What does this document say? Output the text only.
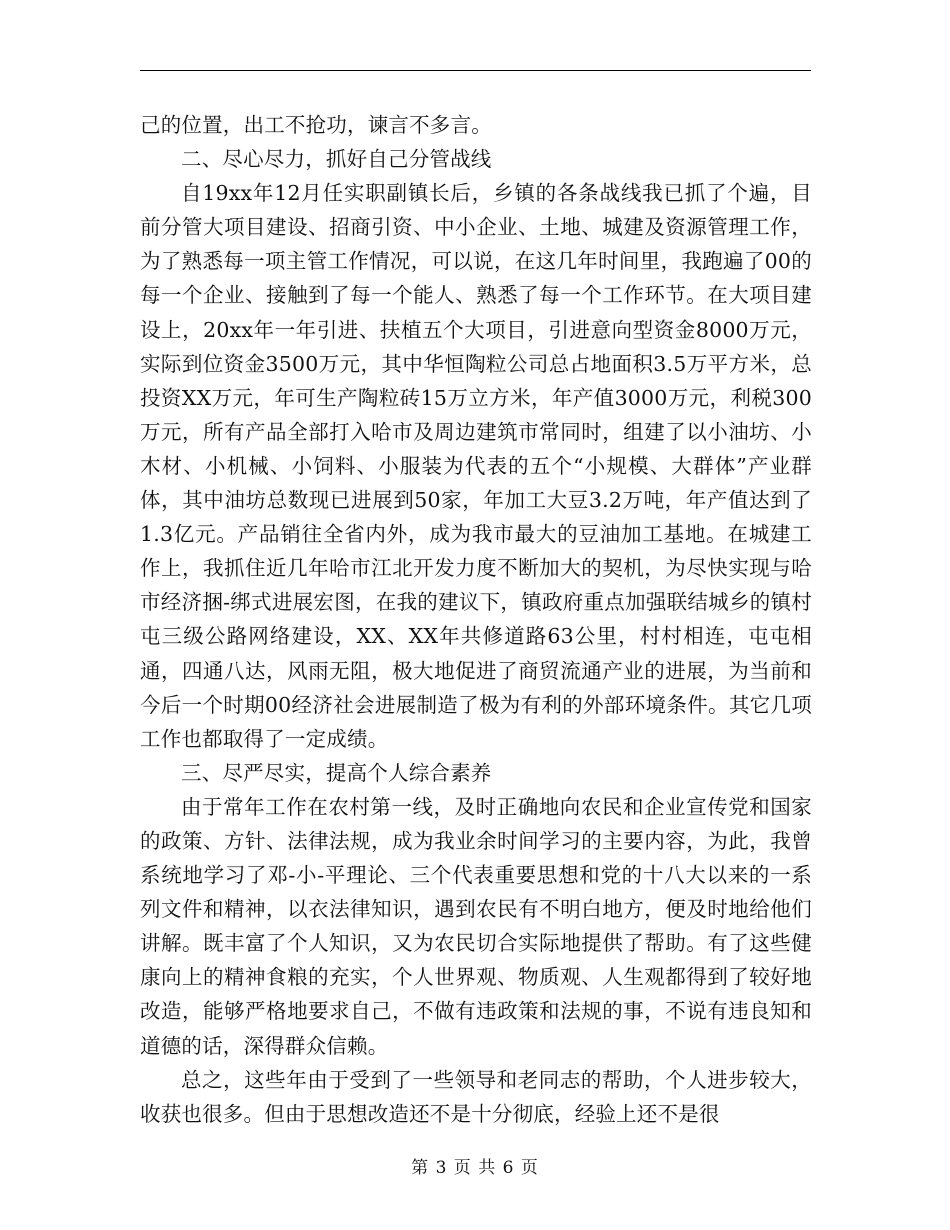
己的位置，出工不抢功，谏言不多言。

二、尽心尽力，抓好自己分管战线

自19xx年12月任实职副镇长后，乡镇的各条战线我已抓了个遍，目前分管大项目建设、招商引资、中小企业、土地、城建及资源管理工作，为了熟悉每一项主管工作情况，可以说，在这几年时间里，我跑遍了00的每一个企业、接触到了每一个能人、熟悉了每一个工作环节。在大项目建设上，20xx年一年引进、扶植五个大项目，引进意向型资金8000万元，实际到位资金3500万元，其中华恒陶粒公司总占地面积3.5万平方米，总投资XX万元，年可生产陶粒砖15万立方米，年产值3000万元，利税300万元，所有产品全部打入哈市及周边建筑市常同时，组建了以小油坊、小木材、小机械、小饲料、小服装为代表的五个“小规模、大群体”产业群体，其中油坊总数现已进展到50家，年加工大豆3.2万吨，年产值达到了1.3亿元。产品销往全省内外，成为我市最大的豆油加工基地。在城建工作上，我抓住近几年哈市江北开发力度不断加大的契机，为尽快实现与哈市经济捆-绑式进展宏图，在我的建议下，镇政府重点加强联结城乡的镇村屯三级公路网络建设，XX、XX年共修道路63公里，村村相连，屯屯相通，四通八达，风雨无阻，极大地促进了商贸流通产业的进展，为当前和今后一个时期00经济社会进展制造了极为有利的外部环境条件。其它几项工作也都取得了一定成绩。

三、尽严尽实，提高个人综合素养

由于常年工作在农村第一线，及时正确地向农民和企业宣传党和国家的政策、方针、法律法规，成为我业余时间学习的主要内容，为此，我曾系统地学习了邓-小-平理论、三个代表重要思想和党的十八大以来的一系列文件和精神，以衣法律知识，遇到农民有不明白地方，便及时地给他们讲解。既丰富了个人知识，又为农民切合实际地提供了帮助。有了这些健康向上的精神食粮的充实，个人世界观、物质观、人生观都得到了较好地改造，能够严格地要求自己，不做有违政策和法规的事，不说有违良知和道德的话，深得群众信赖。

总之，这些年由于受到了一些领导和老同志的帮助，个人进步较大，收获也很多。但由于思想改造还不是十分彻底，经验上还不是很

第 3 页 共 6 页
